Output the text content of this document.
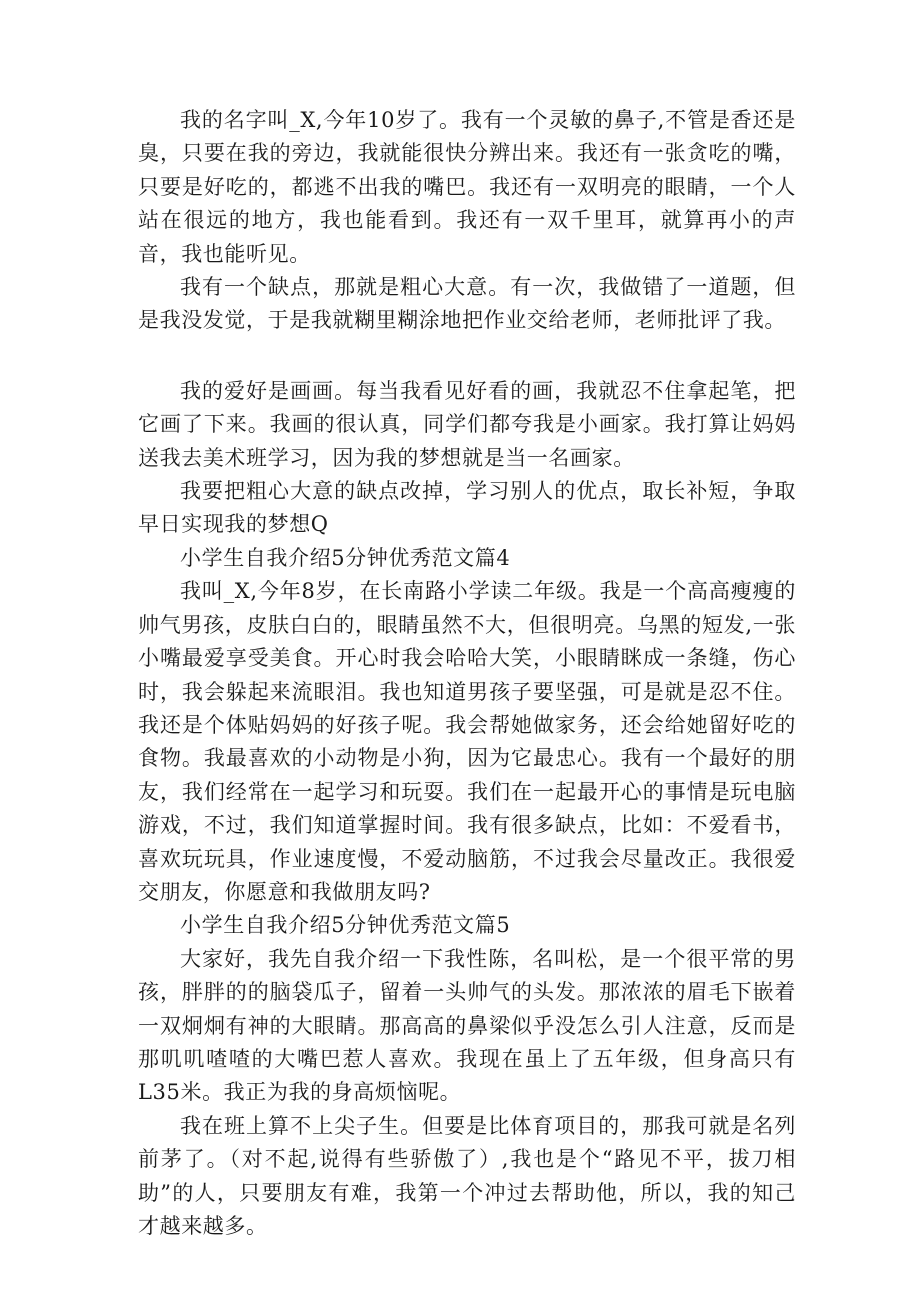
我的名字叫_X,今年10岁了。我有一个灵敏的鼻子,不管是香还是臭，只要在我的旁边，我就能很快分辨出来。我还有一张贪吃的嘴，只要是好吃的，都逃不出我的嘴巴。我还有一双明亮的眼睛，一个人站在很远的地方，我也能看到。我还有一双千里耳，就算再小的声音，我也能听见。

我有一个缺点，那就是粗心大意。有一次，我做错了一道题，但是我没发觉，于是我就糊里糊涂地把作业交给老师，老师批评了我。

我的爱好是画画。每当我看见好看的画，我就忍不住拿起笔，把它画了下来。我画的很认真，同学们都夸我是小画家。我打算让妈妈送我去美术班学习，因为我的梦想就是当一名画家。

我要把粗心大意的缺点改掉，学习别人的优点，取长补短，争取早日实现我的梦想Q

小学生自我介绍5分钟优秀范文篇4

我叫_X,今年8岁，在长南路小学读二年级。我是一个高高瘦瘦的帅气男孩，皮肤白白的，眼睛虽然不大，但很明亮。乌黑的短发,一张小嘴最爱享受美食。开心时我会哈哈大笑，小眼睛眯成一条缝，伤心时，我会躲起来流眼泪。我也知道男孩子要坚强，可是就是忍不住。我还是个体贴妈妈的好孩子呢。我会帮她做家务，还会给她留好吃的食物。我最喜欢的小动物是小狗，因为它最忠心。我有一个最好的朋友，我们经常在一起学习和玩耍。我们在一起最开心的事情是玩电脑游戏，不过，我们知道掌握时间。我有很多缺点，比如：不爱看书，喜欢玩玩具，作业速度慢，不爱动脑筋，不过我会尽量改正。我很爱交朋友，你愿意和我做朋友吗?

小学生自我介绍5分钟优秀范文篇5

大家好，我先自我介绍一下我性陈，名叫松，是一个很平常的男孩，胖胖的的脑袋瓜子，留着一头帅气的头发。那浓浓的眉毛下嵌着一双炯炯有神的大眼睛。那高高的鼻梁似乎没怎么引人注意，反而是那叽叽喳喳的大嘴巴惹人喜欢。我现在虽上了五年级，但身高只有L35米。我正为我的身高烦恼呢。

我在班上算不上尖子生。但要是比体育项目的，那我可就是名列前茅了。（对不起,说得有些骄傲了）,我也是个“路见不平，拔刀相助”的人，只要朋友有难，我第一个冲过去帮助他，所以，我的知己才越来越多。
